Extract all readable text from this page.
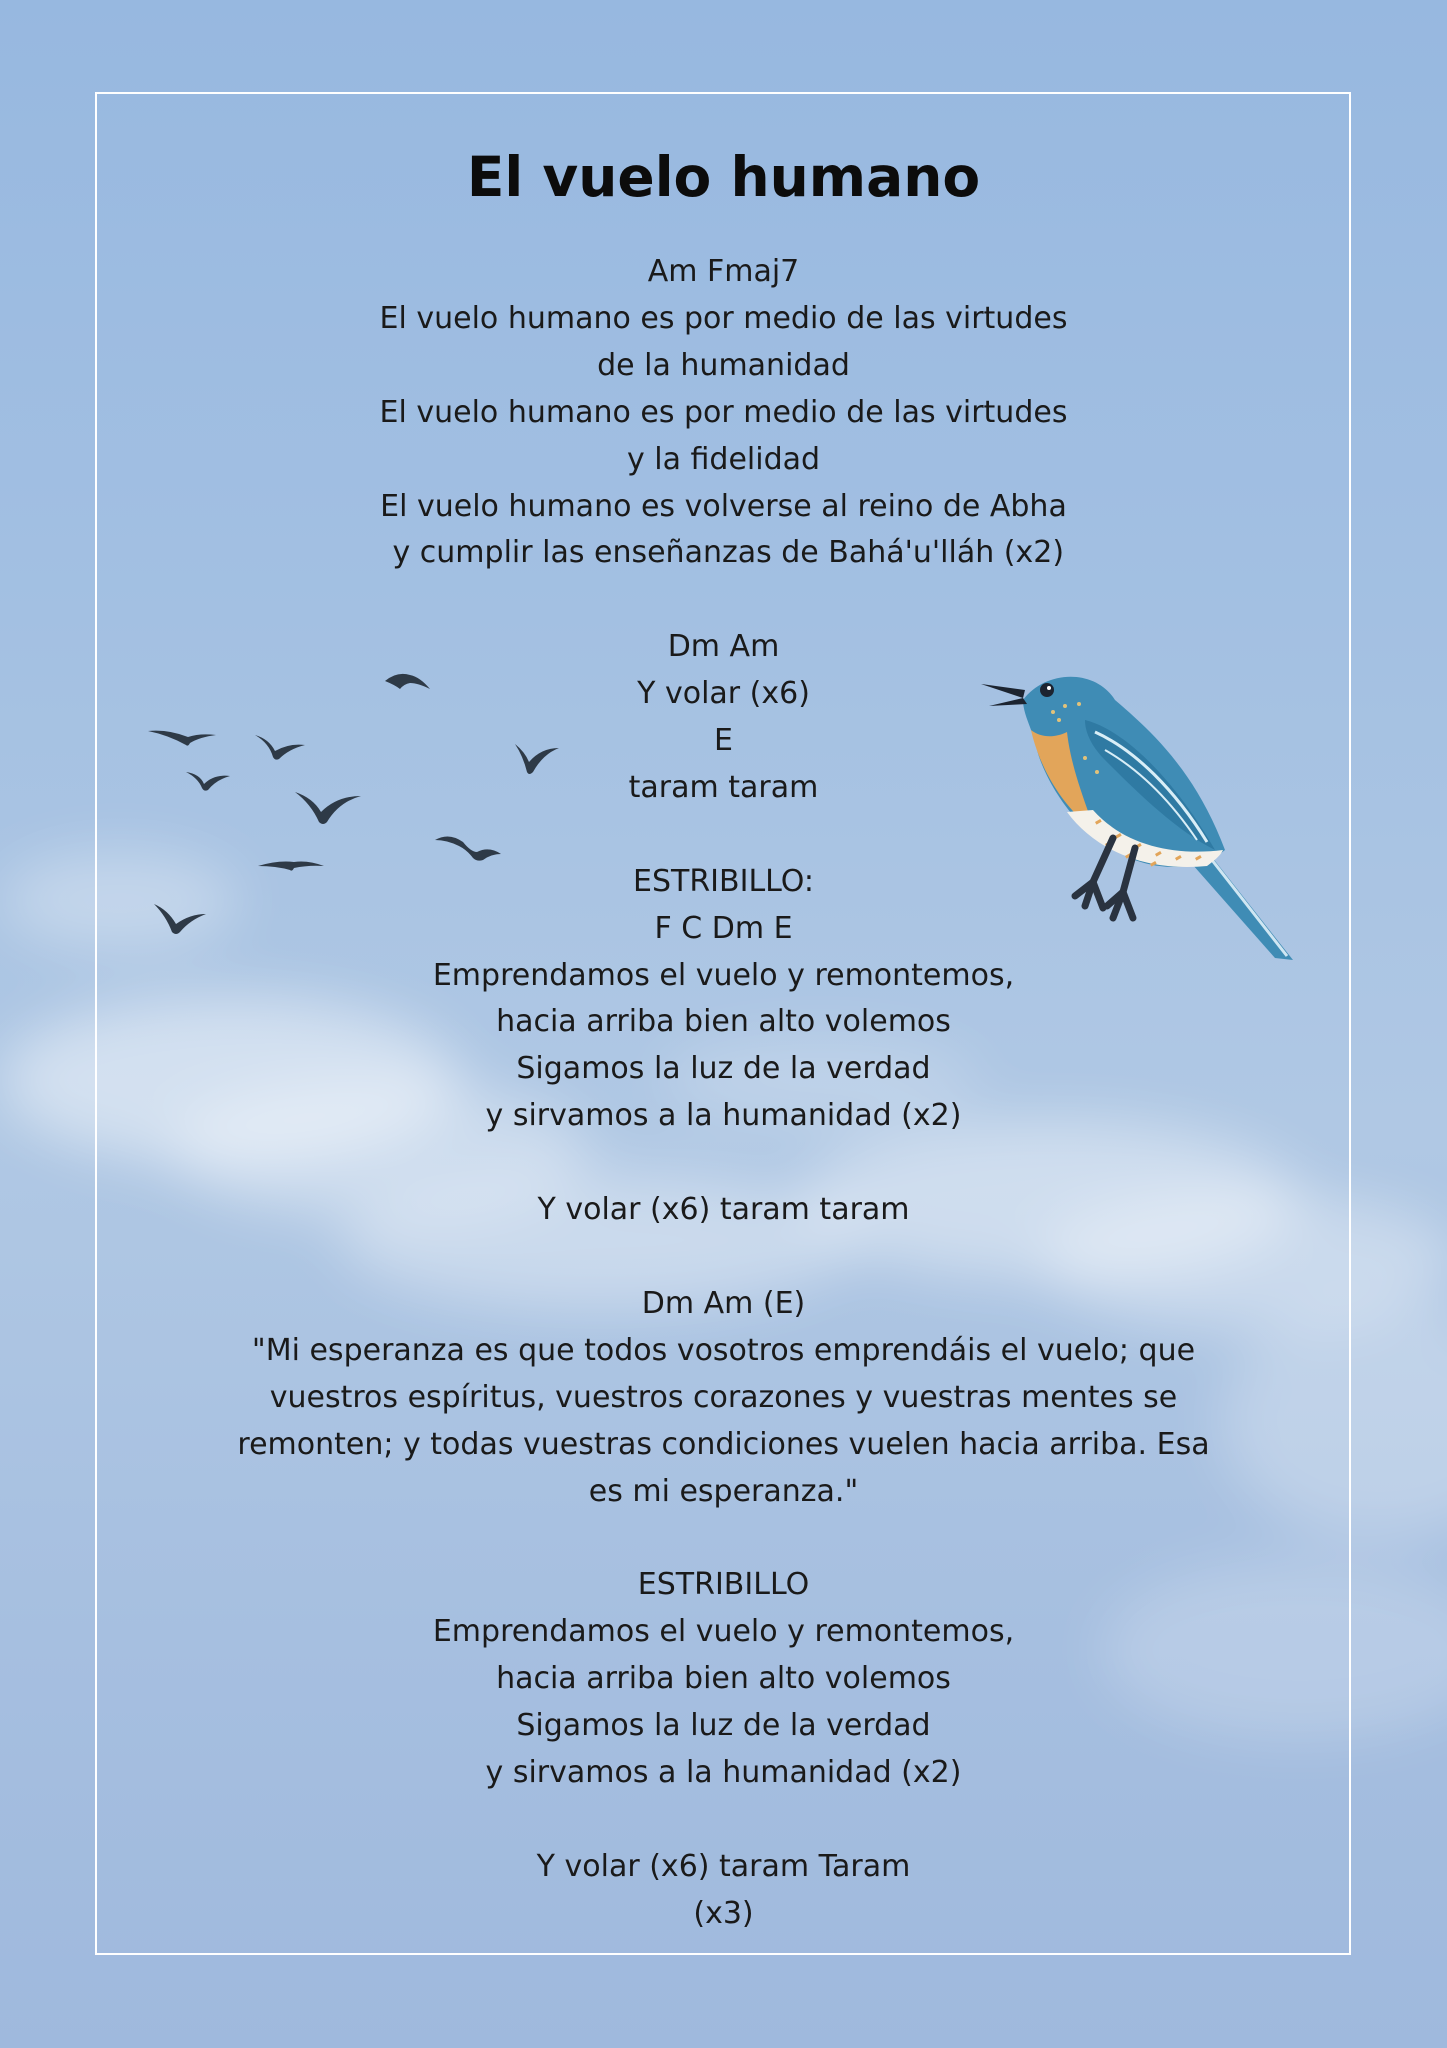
El vuelo humano
Am Fmaj7
El vuelo humano es por medio de las virtudes
de la humanidad
El vuelo humano es por medio de las virtudes
y la fidelidad
El vuelo humano es volverse al reino de Abha
y cumplir las enseñanzas de Bahá'u'lláh (x2)
Dm Am
Y volar (x6)
E
taram taram
ESTRIBILLO:
F C Dm E
Emprendamos el vuelo y remontemos,
hacia arriba bien alto volemos
Sigamos la luz de la verdad
y sirvamos a la humanidad (x2)
Y volar (x6) taram taram
Dm Am (E)
"Mi esperanza es que todos vosotros emprendáis el vuelo; que
vuestros espíritus, vuestros corazones y vuestras mentes se
remonten; y todas vuestras condiciones vuelen hacia arriba. Esa
es mi esperanza."
ESTRIBILLO
Emprendamos el vuelo y remontemos,
hacia arriba bien alto volemos
Sigamos la luz de la verdad
y sirvamos a la humanidad (x2)
Y volar (x6) taram Taram
(x3)
